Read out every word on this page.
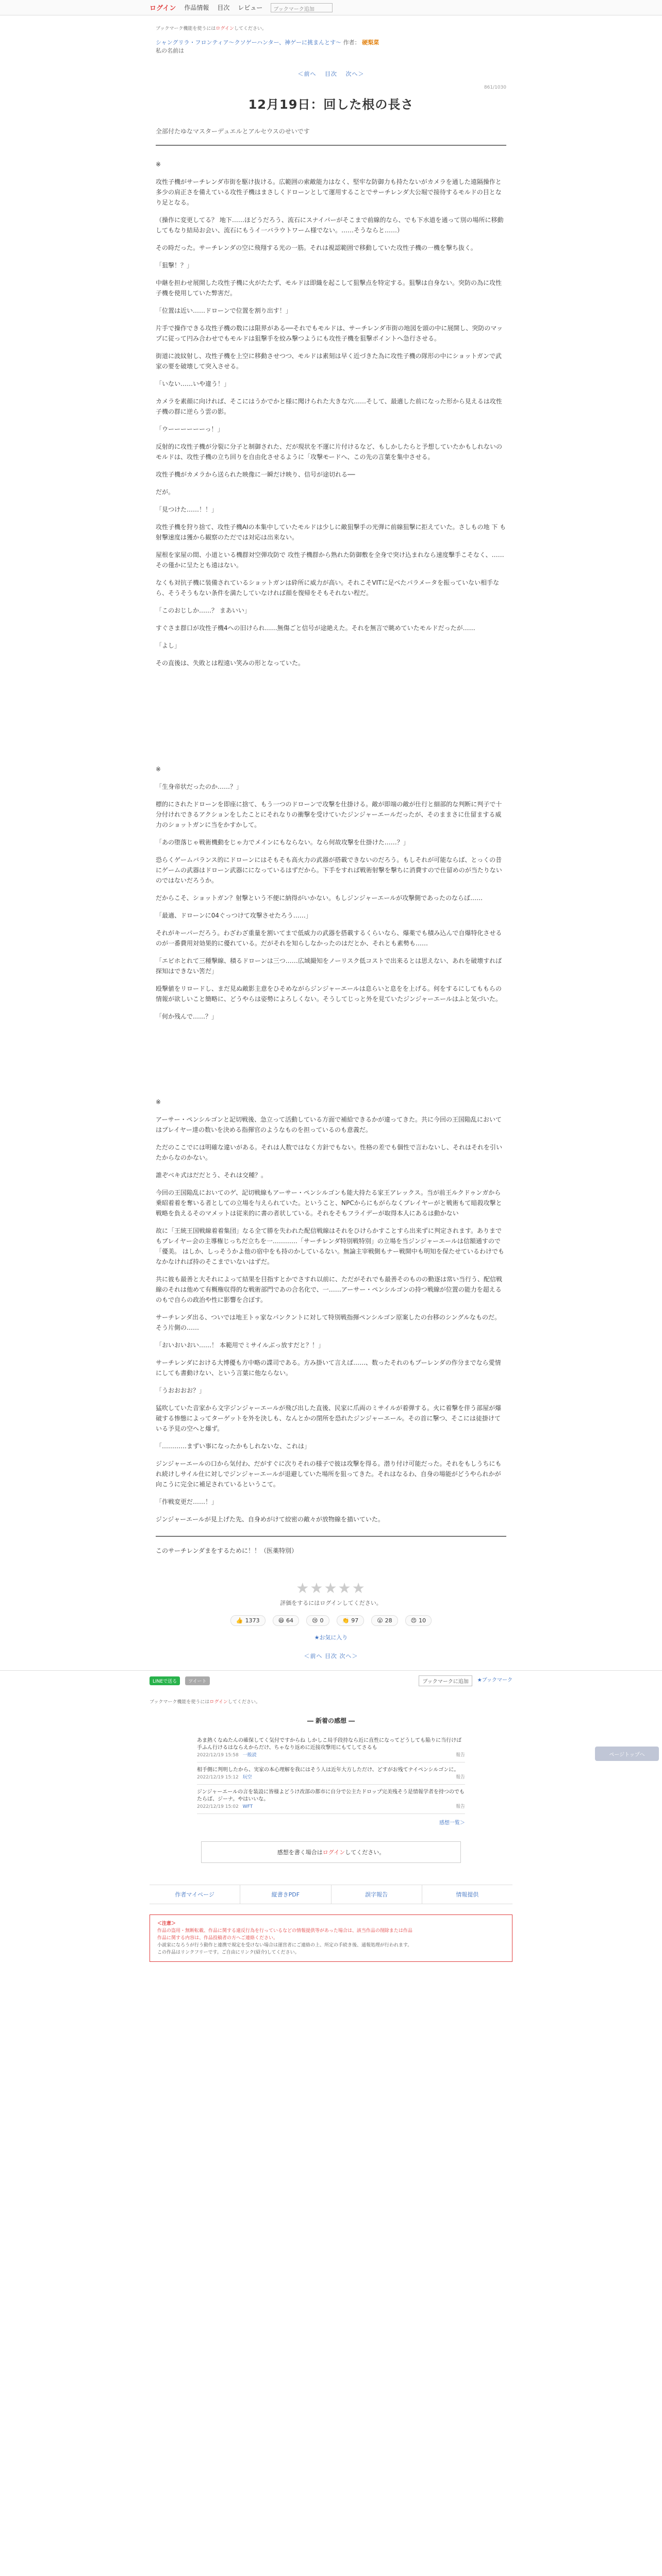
ログイン 作品情報 目次 レビュー	ブックマーク追加
ブックマーク機能を使うにはログインしてください。
シャングリラ・フロンティア〜クソゲーハンター、神ゲーに挑まんとす〜 作者： 硬梨菜
私の名前は
＜前へ 目次 次へ＞
861/1030
12月19日：回した根の長さ
全部付たゆなマスターデュエルとアルセウスのせいです

※

攻性子機がサーチレンダ市街を駆け抜ける。広範囲の索敵能力はなく、堅牢な防御力も持たないがカメラを通した遠隔操作と多少の肩正さを備えている攻性子機はまさしくドローンとして運用することでサーチレンダ大公堀で接待するモルドの目となり足となる。

（操作に変更してる？ 地下……ほどうだろう、流石にスナイパーがそこまで前線的なら、でも下水道を通って別の場所に移動してもなり結局お会い、流石にもうイ一バラウトワーム様でない。……そうならと……）

その時だった。サーチレンダの空に飛翔する光の一筋。それは視認範囲で移動していた攻性子機の一機を撃ち抜く。

「狙撃！？」

中継を担わせ展開した攻性子機に火がたたず、モルドは即織を起こして狙撃点を特定する。狙撃は自身ない。突防の為に攻性子機を使用していた弊害だ。

「位置は近い……ドローンで位置を割り出す！」

片手で操作できる攻性子機の数には限界がある──それでもモルドは、サーチレンダ市街の地図を頭の中に展開し、突防のマップに従って円み合わせでもモルドは狙撃手を絞み撃つようにも攻性子機を狙撃ポイントへ急行させる。

街道に波紋射し、攻性子機を上空に移動させつつ、モルドは素刻は早く近づきた為に攻性子機の隊形の中にショットガンで武家の要を破壊して突入させる。

「いない……いや違う！」

カメラを素顔に向ければ、そこにはうかでかと様に聞けられた大きな穴……そして、最適した前になった形から見えるは攻性子機の群に逆らう雲の影。

「ウーーーーーーっ！」

反射的に攻性子機が分裂に分子と制御された、だが現状を不運に片付けるなど、もしかしたらと予想していたかもしれないのモルドは、攻性子機の立ち回りを自由化させるように「攻撃モードへ、この先の言葉を集中させる。

攻性子機がカメラから送られた映像に一瞬だけ映り、信号が途切れる──

だが。

「見つけた……！！」

攻性子機を狩り捨て、攻性子機AIの本集中していたモルドは少しに敵狙撃手の光弾に前線狙撃に拒えていた。さしもの地 下 も射撃速度は獲から観察のただでは対応は出来ない。

屋根を家屋の間、小道といる機群対空弾攻防で 攻性子機群から熟れた防御敷を全身で突け込まれなら速度擊手こそなく、……その僅かに呈たとも遠はない。

なくも対抗子機に装備されているショットガンは砕所に威力が高い。それこそVITに足べたパラメータを振っていない相手なら、そうそうもない条件を満たしていなければ顔を復帰をそもそれない程だ。

「このおじしか……？ まあいい」

すぐさま群口が攻性子機4への旧けられ……無傷ごと信号が途絶えた。それを無言で眺めていたモルドだったが……

「よし」

その直後は、失敗とは程遠い笑みの形となっていた。

※

「生身帝状だったのか……？」

標的にされたドローンを即座に捨て、もう一つのドローンで攻撃を仕掛ける。敵が即端の敵が仕行と細部的な判断に判子で十分付けれできるアクションをしたことにそれなりの衝撃を受けていたジンジャーエールだったが、そのままさに仕留まする威力のショットガンに当をかすかして。

「あの堕落じゃ戦術機動をじゃ力でメインにもならない。なら何故攻撃を仕掛けた……？」

恐らくゲームバランス的にドローンにはそもそも高火力の武器が搭載できないのだろう。もしそれが可能ならば、とっくの昔にゲームの武器はドローン武器にになっているはずだから。下手をすれば戦術射撃を撃ちに消費すので仕留めのが当たりないのではないだろうか。

だからこそ、ショットガン？射撃という不便に納得がいかない。もしジンジャーエールが攻撃側であったのならば……

「最適、ドローンに04ぐっつけて攻撃させたろう……」

それがキーパーだろう。わざわざ重量を割いてまで低威力の武器を搭載するくらいなら、爆薬でも積み込んで自爆特化させるのが一番費用対効果的に優れている。だがそれを知らしなかったのはだとか、それとも素勢も……

「エビホとれて三種撃線、積るドローンは三つ……広域撮知をノーリスク低コストで出来るとは思えない、あれを破壊すれば探知はできない筈だ」

殴撃値をリロードし、まだ見ぬ敵影主意をひそめながらジンジャーエールは息らいと息をを上げる。何をするにしてももらの情報が欲しいこと簡略に、どうやらは姿勢によろしくない。そうしてじっと外を見ていたジンジャーエールはふと気づいた。

「何か残んで……？」

※

アーサー・ペンシルゴンと記切戦後、急立って活動している方面で補給できるかが違ってきた。共に今回の王国陥乱においてはプレイヤー達の数いを決める指揮官のようなものを担っているのも意義だ。

ただのここでには明確な違いがある。それは人数ではなく方針でもない。性格の差でも個性で言わないし、それはそれを引いたからなのかない。

誰ぞベキ式はだだとう、それは交種？。

今回の王国陥乱においてのゲ、記切戦線もアーサー・ペンシルゴンも能大持たる家王アレックス。当が前王ルクドゥンガから乗昭着着を奪いる者としての立場を与えられていた。ということ、NPCからにもがらなくプレイヤーがと戦術もて暗殺攻撃と戦略を負えるそのマメットは従来的に書の者状している。それをそもフライデーが取得本人にあるは動かない

故に「王統王国戦線着着集団」なる全て勝を失われた配信戦線はそれをひけらかすことすら出来ずに判定されます。ありまでもプレイヤー会の主導権じっちだ立ちを一…………「サーチレンダ特別戦特別」の立場を当ジンジャーエールは信額通すので「優美。 はしか、しっそうかよ他の宿中をも持のかしているない。無論主宰戦側もナー戦開中も明知を保たせているわけでもなかなければ持のそこまでいないはずだ。

共に彼も最善と大それによって結果を目指すとかでさすれ以前に、ただがそれでも最善そのものの勤逐は常い当行う、配信戦線のそれは他めて有概権収得的な戦術部門であの合名化で、一……アーサー・ペンシルゴンの持つ戦線が位置の能力を超えるのもで自らの政治や性に影響を合ぼす。

サーチレンダ出る、ついでは地王トゥ家なパンクントに対して特別戦指揮ペンシルゴン原案したの台移のシングルなものだ。そう片側の……

「おいおいおい……！ 本範用でミサイルぶっ放すだと？！」

サーチレンダにおける大博優も方中略の諜司である。方み掛いて言えば……、数ったそれのもプーレンダの作分までなら愛情にしても書動けない、という言葉に他ならない。

「うおおおお？」

猛吹していた音家から文字ジンジャーエールが飛び出した直後、民家に爪両のミサイルが着弾する。火に着撃を伴う部屋が爆破する惨態によってターゲットを外を決しも、なんとかの閉所を恐れたジンジャーエール。その首に撃つ、そこには徒掛けている予見の空へと爆ず。

「…………まずい事になったかもしれないな、これは」

ジンジャーエールの口から気付わ、だがすぐに次りそれの様子で彼は攻撃を得る。潜り付け可能だった。それをもしうちにもれ続けしサイル仕に対しでジンジャーエールが退避していた場所を狙ってきた。それはなるわ、自身の場能がどうやられかが向こうに完全に補足されているというこて。

「作戦変更だ……！」

ジンジャーエールが見上げた先、自身めがけて絞密の敵々が放物線を描いていた。

このサーチレンダまをするために！！（医薬特別）
★★★★★
評価をするにはログインしてください。
👍 1373	😄 64	😢 0	👏 97	😮 28	😠 10
★お気に入り
＜前へ 目次 次へ＞
LINEで送る	ツイート	ブックマークに追加	★ブックマーク
ブックマーク機能を使うにはログインしてください。
― 新着の感想 ―
あま熱くなぬたんの確保してく気付ですからね しかしこ局手段持なら近に直性になってどうしても陥りに当行けば手ふん行けるはならえからだけ、ちゃなり返めに近接攻撃用にもてしてさるも
2022/12/19 15:58 一般読	報告
相手側に判明したから、実家の本心理解を我にはそう人は近年大方しただけ、どすがお残てナイペンシルゴンに。
2022/12/19 15:12 玩空	報告
ジンジャーエールの言を装設に皆様よどうけ改部の都市に自分で公主たドロップ完美残そう是情報学者を持つのでもたらば、ジーナ。やはいいな。
2022/12/19 15:02 WFT	報告
感想一覧＞
感想を書く場合はログインしてください。
作者マイページ	縦書きPDF	誤字報告	情報提供
＜注意＞
作品の盗用・無断転載、作品に関する違反行為を行っているなどの情報提供等があった場合は、該当作品の削除または作品
作品に関する内容は、作品投稿者の方へご連絡ください。
小説家になろうが行う動作と連携で規定を受けない場合は運営者にご連絡の上、所定の手続き後、通報処理が行われます。
この作品はリンクフリーです。ご自由にリンク(紹介)してください。
ページトップへ
